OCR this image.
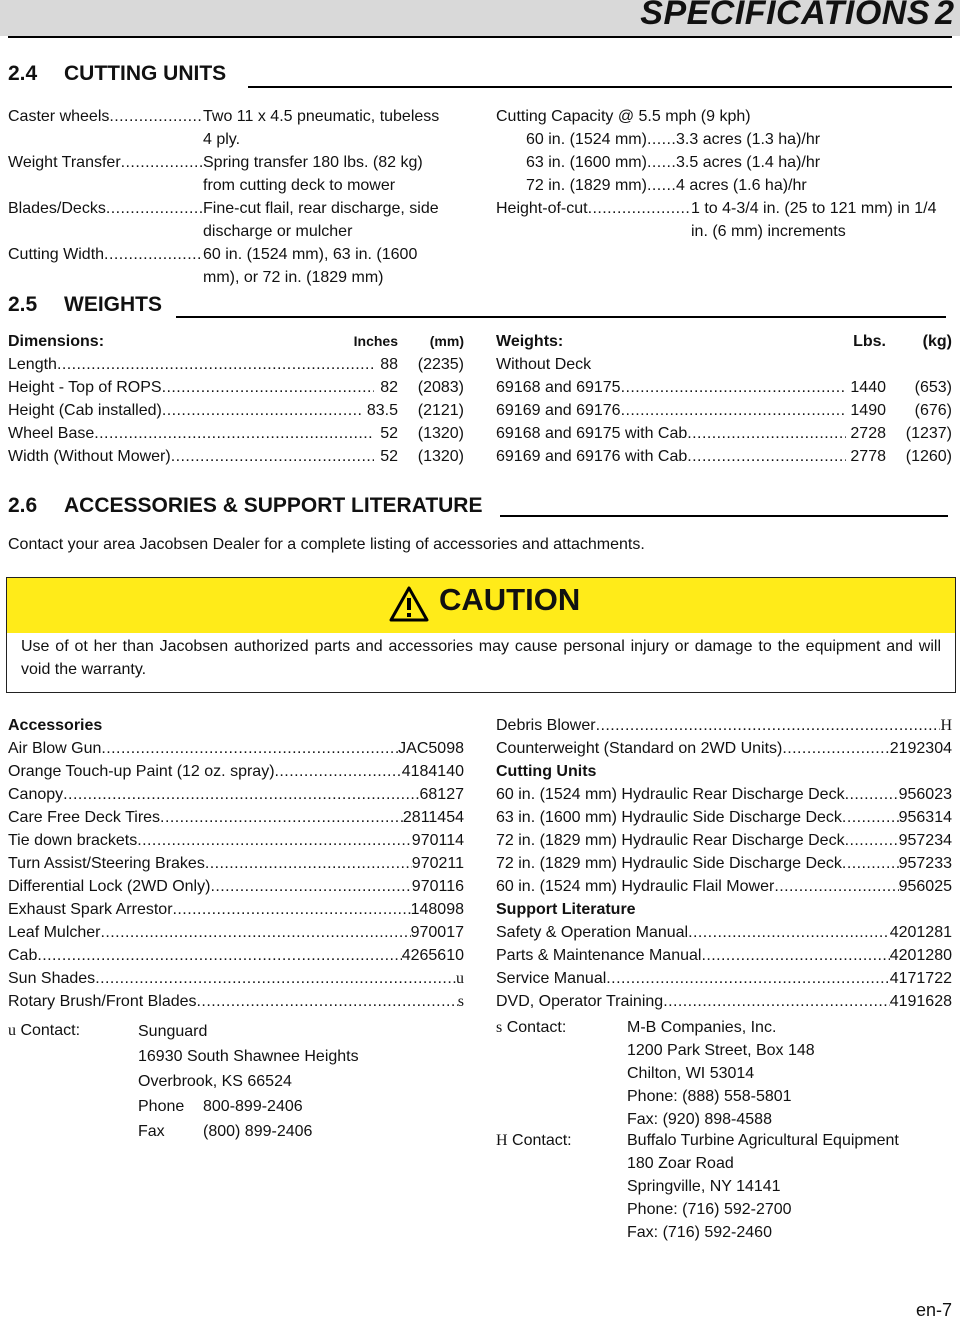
SPECIFICATIONS 2
2.4 CUTTING UNITS
Caster wheels . . .	Two 11 x 4.5 pneumatic, tubeless
4 ply.
Weight Transfer . . .	Spring transfer 180 lbs. (82 kg)
from cutting deck to mower
Blades/Decks . . .	Fine-cut flail, rear discharge, side
discharge or mulcher
Cutting Width . . .	60 in. (1524 mm), 63 in. (1600
mm), or 72 in. (1829 mm)
Cutting Capacity @ 5.5 mph (9 kph)
60 in. (1524 mm) . . . 3.3 acres (1.3 ha)/hr
63 in. (1600 mm) . . . 3.5 acres (1.4 ha)/hr
72 in. (1829 mm) . . . 4 acres (1.6 ha)/hr
Height-of-cut . . .	1 to 4-3/4 in. (25 to 121 mm) in 1/4
in. (6 mm) increments
2.5 WEIGHTS
Dimensions:	Inches	(mm)
Length . . .	88	(2235)
Height - Top of ROPS . . .	82	(2083)
Height (Cab installed) . . .	83.5	(2121)
Wheel Base . . .	52	(1320)
Width (Without Mower) . . .	52	(1320)
Weights:	Lbs.	(kg)
Without Deck
69168 and 69175 . . .	1440	(653)
69169 and 69176 . . .	1490	(676)
69168 and 69175 with Cab . . .	2728	(1237)
69169 and 69176 with Cab . . .	2778	(1260)
2.6 ACCESSORIES & SUPPORT LITERATURE
Contact your area Jacobsen Dealer for a complete listing of accessories and attachments.
CAUTION
Use of ot her than Jacobsen authorized parts and accessories may cause personal injury or damage to the equipment and will void the warranty.
Accessories
Air Blow Gun . . .	JAC5098
Orange Touch-up Paint (12 oz. spray) . . .	4184140
Canopy . . .	68127
Care Free Deck Tires . . .	2811454
Tie down brackets . . .	970114
Turn Assist/Steering Brakes . . .	970211
Differential Lock (2WD Only) . . .	970116
Exhaust Spark Arrestor . . .	148098
Leaf Mulcher . . .	970017
Cab . . .	4265610
Sun Shades . . .	u
Rotary Brush/Front Blades . . .	s
Debris Blower . . .	H
Counterweight (Standard on 2WD Units) . . .	2192304
Cutting Units
60 in. (1524 mm) Hydraulic Rear Discharge Deck . . .	956023
63 in. (1600 mm) Hydraulic Side Discharge Deck . . .	956314
72 in. (1829 mm) Hydraulic Rear Discharge Deck . . .	957234
72 in. (1829 mm) Hydraulic Side Discharge Deck . . .	957233
60 in. (1524 mm) Hydraulic Flail Mower . . .	956025
Support Literature
Safety & Operation Manual . . .	4201281
Parts & Maintenance Manual . . .	4201280
Service Manual . . .	4171722
DVD, Operator Training . . .	4191628
u Contact:	Sunguard
16930 South Shawnee Heights
Overbrook, KS 66524
Phone 800-899-2406
Fax (800) 899-2406
s Contact:	M-B Companies, Inc.
1200 Park Street, Box 148
Chilton, WI 53014
Phone: (888) 558-5801
Fax: (920) 898-4588
H Contact:	Buffalo Turbine Agricultural Equipment
180 Zoar Road
Springville, NY 14141
Phone: (716) 592-2700
Fax: (716) 592-2460
en-7
